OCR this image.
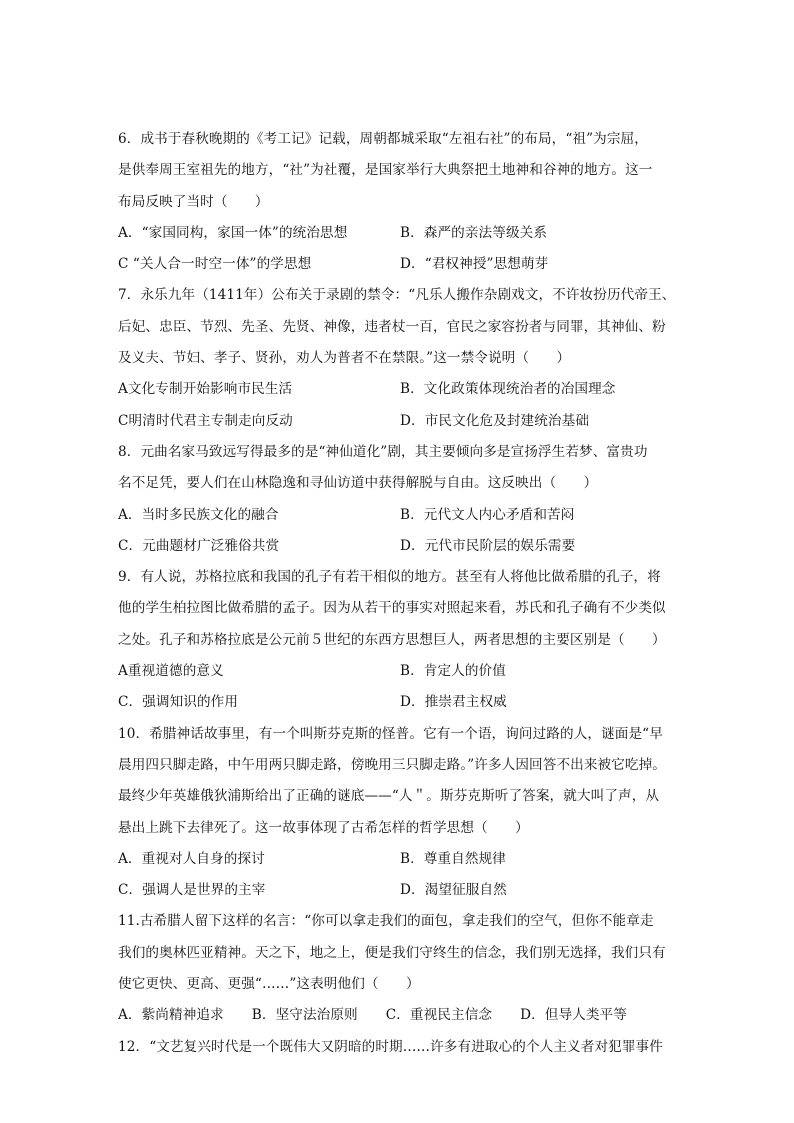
6．成书于春秋晚期的《考工记》记载，周朝都城采取“左祖右社”的布局，“祖”为宗屈，
是供奉周王室祖先的地方，“社”为社覆，是国家举行大典祭把土地神和谷神的地方。这一
布局反映了当时（　　）
A．“家国同构，家国一体”的统治思想	B．森严的亲法等级关系
C “关人合一时空一体”的学思想	D．“君权神授”思想萌芽
7．永乐九年（1411年）公布关于录剧的禁令：“凡乐人搬作杂剧戏文，不许妆扮历代帝王、
后妃、忠臣、节烈、先圣、先贤、神像，违者杖一百，官民之家容扮者与同罪，其神仙、粉
及义夫、节妇、孝子、贤孙，劝人为普者不在禁限。”这一禁令说明（　　）
A文化专制开始影响市民生活	B．文化政策体现统治者的冶国理念
C明清时代君主专制走向反动	D．市民文化危及封建统治基础
8．元曲名家马致远写得最多的是“神仙道化”剧，其主要倾向多是宣扬浮生若梦、富贵功
名不足凭，要人们在山林隐逸和寻仙访道中获得解脱与自由。这反映出（　　）
A．当时多民族文化的融合	B．元代文人内心矛盾和苦闷
C．元曲题材广泛雅俗共赏	D．元代市民阶层的娱乐需要
9．有人说，苏格拉底和我国的孔子有若干相似的地方。甚至有人将他比做希腊的孔子，将
他的学生柏拉图比做希腊的孟子。因为从若干的事实对照起来看，苏氏和孔子确有不少类似
之处。孔子和苏格拉底是公元前５世纪的东西方思想巨人，两者思想的主要区别是（　　）
A重视道德的意义	B．肯定人的价值
C．强调知识的作用	D．推崇君主权威
10．希腊神话故事里，有一个叫斯芬克斯的怪普。它有一个语，询问过路的人，谜面是“早
晨用四只脚走路，中午用两只脚走路，傍晚用三只脚走路。”许多人因回答不出来被它吃掉。
最终少年英雄俄狄浦斯给出了正确的谜底——“人＂。斯芬克斯听了答案，就大叫了声，从
悬出上跳下去律死了。这一故事体现了古希怎样的哲学思想（　　）
A．重视对人自身的探讨	B．尊重自然规律
C．强调人是世界的主宰	D．渴望征服自然
11.古希腊人留下这样的名言：“你可以拿走我们的面包，拿走我们的空气，但你不能章走
我们的奥林匹亚精神。天之下，地之上，便是我们守终生的信念，我们别无选择，我们只有
使它更快、更高、更强“……”这表明他们（　　）
A．紫尚精神追求 B．坚守法治原则 C．重视民主信念 D．但导人类平等
12．“文艺复兴时代是一个既伟大又阴暗的时期……许多有进取心的个人主义者对犯罪事件
